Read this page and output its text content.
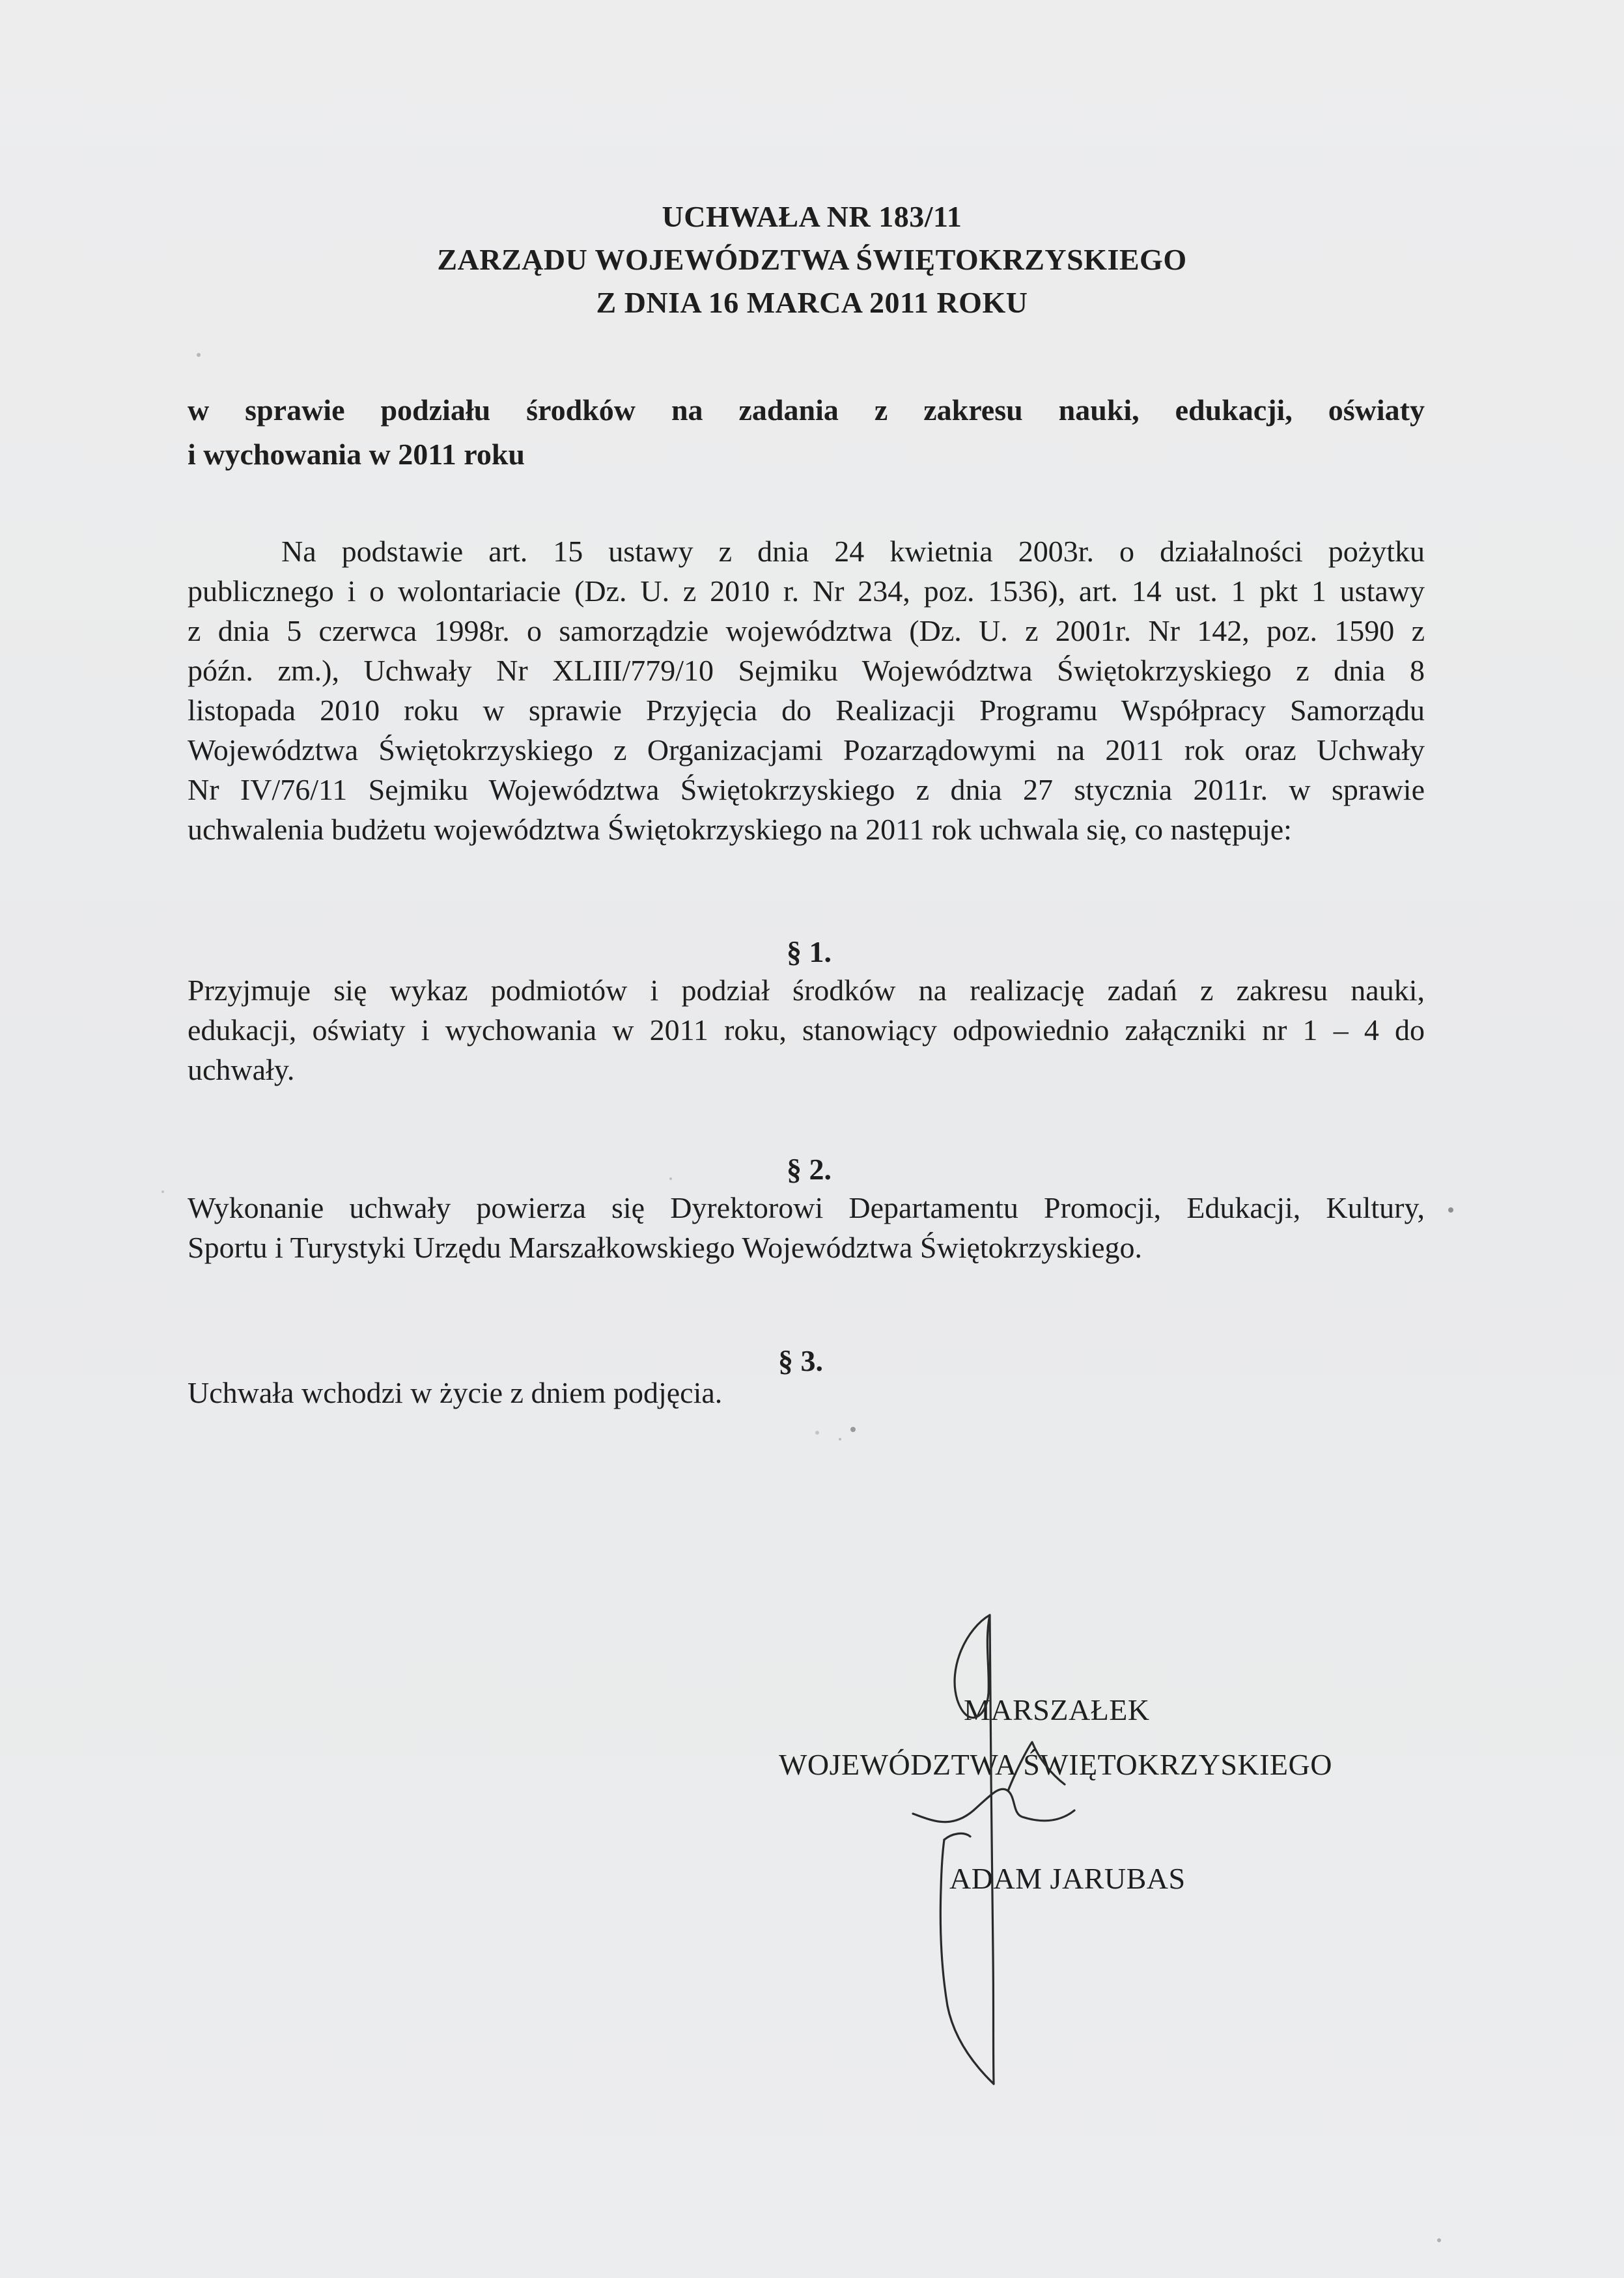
UCHWAŁA NR 183/11
ZARZĄDU WOJEWÓDZTWA ŚWIĘTOKRZYSKIEGO
Z DNIA 16 MARCA 2011 ROKU
w sprawie podziału środków na zadania z zakresu nauki, edukacji, oświaty
i wychowania w 2011 roku
Na podstawie art. 15 ustawy z dnia 24 kwietnia 2003r. o działalności pożytku
publicznego i o wolontariacie (Dz. U. z 2010 r. Nr 234, poz. 1536), art. 14 ust. 1 pkt 1 ustawy
z dnia 5 czerwca 1998r. o samorządzie województwa (Dz. U. z 2001r. Nr 142, poz. 1590 z
późn. zm.), Uchwały Nr XLIII/779/10 Sejmiku Województwa Świętokrzyskiego z dnia 8
listopada 2010 roku w sprawie Przyjęcia do Realizacji Programu Współpracy Samorządu
Województwa Świętokrzyskiego z Organizacjami Pozarządowymi na 2011 rok oraz Uchwały
Nr IV/76/11 Sejmiku Województwa Świętokrzyskiego z dnia 27 stycznia 2011r. w sprawie
uchwalenia budżetu województwa Świętokrzyskiego na 2011 rok uchwala się, co następuje:
§ 1.
Przyjmuje się wykaz podmiotów i podział środków na realizację zadań z zakresu nauki,
edukacji, oświaty i wychowania w 2011 roku, stanowiący odpowiednio załączniki nr 1 – 4 do
uchwały.
§ 2.
Wykonanie uchwały powierza się Dyrektorowi Departamentu Promocji, Edukacji, Kultury,
Sportu i Turystyki Urzędu Marszałkowskiego Województwa Świętokrzyskiego.
§ 3.
Uchwała wchodzi w życie z dniem podjęcia.
MARSZAŁEK
WOJEWÓDZTWA ŚWIĘTOKRZYSKIEGO
ADAM JARUBAS
